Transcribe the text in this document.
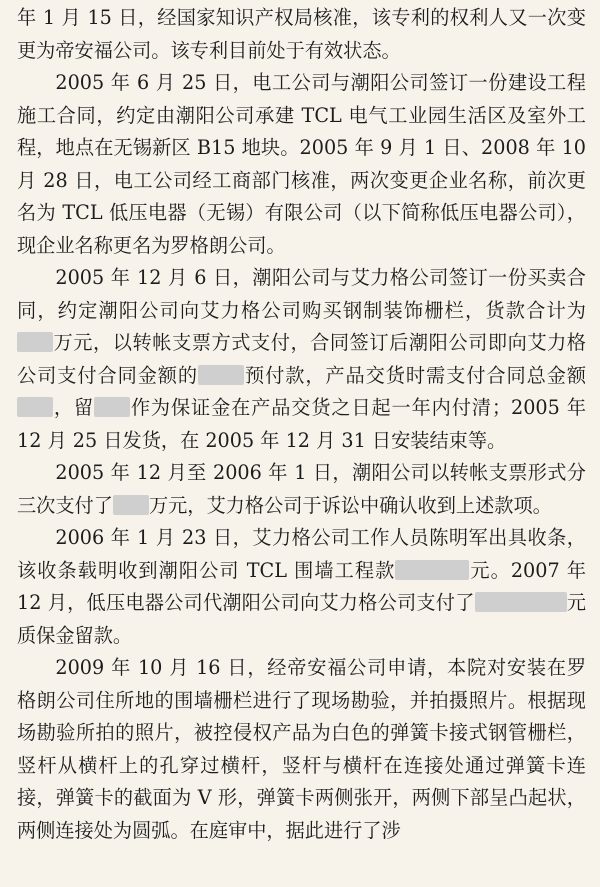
年 1 月 15 日，经国家知识产权局核准，该专利的权利人又一次变更为帝安福公司。该专利目前处于有效状态。

2005 年 6 月 25 日，电工公司与潮阳公司签订一份建设工程施工合同，约定由潮阳公司承建 TCL 电气工业园生活区及室外工程，地点在无锡新区 B15 地块。2005 年 9 月 1 日、2008 年 10 月 28 日，电工公司经工商部门核准，两次变更企业名称，前次更名为 TCL 低压电器（无锡）有限公司（以下简称低压电器公司），现企业名称更名为罗格朗公司。

2005 年 12 月 6 日，潮阳公司与艾力格公司签订一份买卖合同，约定潮阳公司向艾力格公司购买钢制装饰栅栏，货款合计为万元，以转帐支票方式支付，合同签订后潮阳公司即向艾力格公司支付合同金额的 预付款，产品交货时需支付合同总金额，留 作为保证金在产品交货之日起一年内付清；2005 年 12 月 25 日发货，在 2005 年 12 月 31 日安装结束等。

2005 年 12 月至 2006 年 1 日，潮阳公司以转帐支票形式分三次支付了 万元，艾力格公司于诉讼中确认收到上述款项。

2006 年 1 月 23 日，艾力格公司工作人员陈明军出具收条，该收条载明收到潮阳公司 TCL 围墙工程款	元。2007 年 12 月，低压电器公司代潮阳公司向艾力格公司支付了	元质保金留款。

2009 年 10 月 16 日，经帝安福公司申请，本院对安装在罗格朗公司住所地的围墙栅栏进行了现场勘验，并拍摄照片。根据现场勘验所拍的照片，被控侵权产品为白色的弹簧卡接式钢管栅栏，竖杆从横杆上的孔穿过横杆，竖杆与横杆在连接处通过弹簧卡连接，弹簧卡的截面为 V 形，弹簧卡两侧张开，两侧下部呈凸起状，两侧连接处为圆弧。在庭审中，据此进行了涉
